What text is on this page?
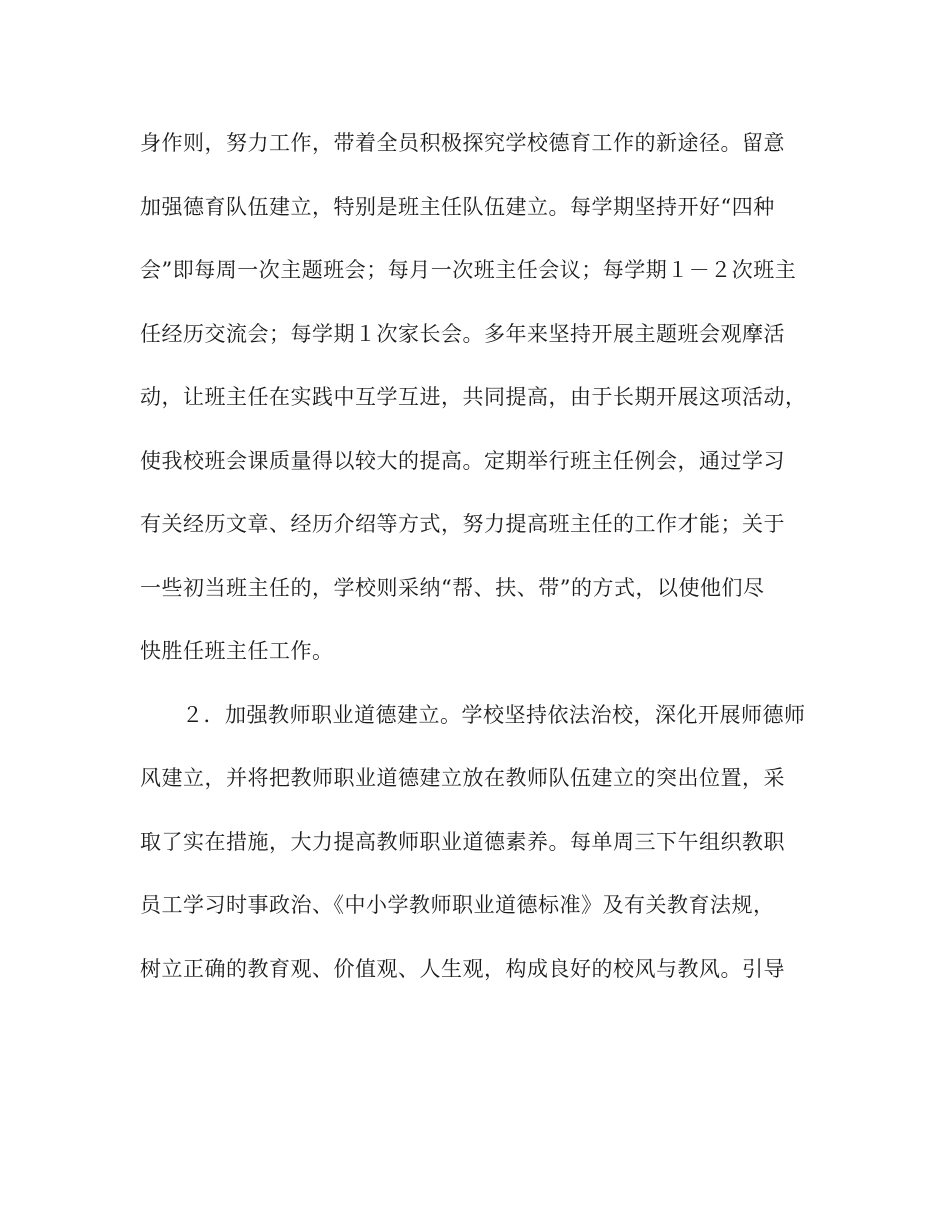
身作则，努力工作，带着全员积极探究学校德育工作的新途径。留意
加强德育队伍建立，特别是班主任队伍建立。每学期坚持开好“四种
会”即每周一次主题班会；每月一次班主任会议；每学期１－２次班主
任经历交流会；每学期１次家长会。多年来坚持开展主题班会观摩活
动，让班主任在实践中互学互进，共同提高，由于长期开展这项活动，
使我校班会课质量得以较大的提高。定期举行班主任例会，通过学习
有关经历文章、经历介绍等方式，努力提高班主任的工作才能；关于
一些初当班主任的，学校则采纳“帮、扶、带”的方式，以使他们尽
快胜任班主任工作。
２．加强教师职业道德建立。学校坚持依法治校，深化开展师德师
风建立，并将把教师职业道德建立放在教师队伍建立的突出位置，采
取了实在措施，大力提高教师职业道德素养。每单周三下午组织教职
员工学习时事政治、《中小学教师职业道德标准》及有关教育法规，
树立正确的教育观、价值观、人生观，构成良好的校风与教风。引导
